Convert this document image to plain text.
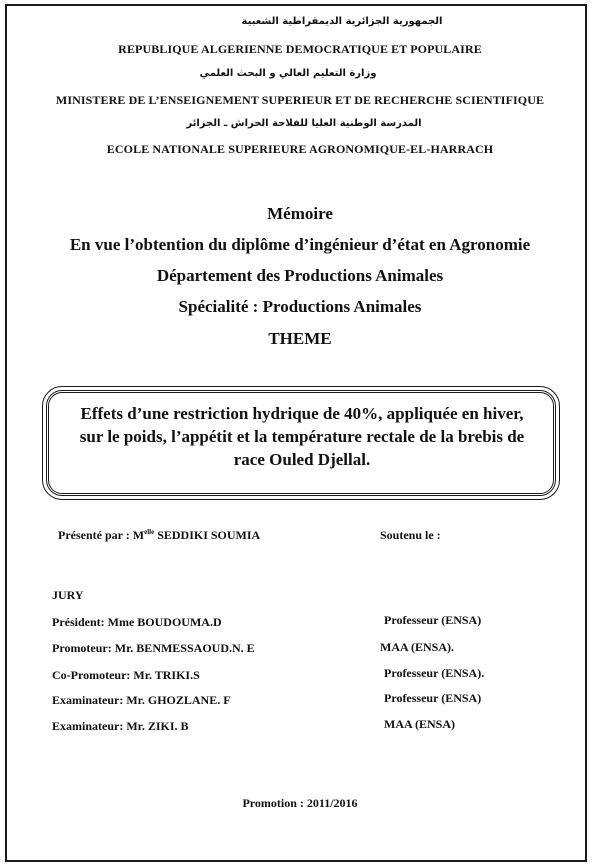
الجمهورية الجزائرية الديمقراطية الشعبية
REPUBLIQUE ALGERIENNE DEMOCRATIQUE ET POPULAIRE
وزارة التعليم العالي و البحث العلمي
MINISTERE DE L’ENSEIGNEMENT SUPERIEUR ET DE RECHERCHE SCIENTIFIQUE
المدرسة الوطنية العليا للفلاحة الحراش ـ الجزائر
ECOLE NATIONALE SUPERIEURE AGRONOMIQUE-EL-HARRACH
Mémoire
En vue l’obtention du diplôme d’ingénieur d’état en Agronomie
Département des Productions Animales
Spécialité : Productions Animales
THEME
Effets d’une restriction hydrique de 40%, appliquée en hiver,
sur le poids, l’appétit et la température rectale de la brebis de
race Ouled Djellal.
Présenté par : $M^{elle}$ SEDDIKI SOUMIA	Soutenu le :
JURY
Président: Mme BOUDOUMA.D	Professeur (ENSA)
Promoteur: Mr. BENMESSAOUD.N. E	MAA (ENSA).
Co-Promoteur: Mr. TRIKI.S	Professeur (ENSA).
Examinateur: Mr. GHOZLANE. F	Professeur (ENSA)
Examinateur: Mr. ZIKI. B	MAA (ENSA)
Promotion : 2011/2016
